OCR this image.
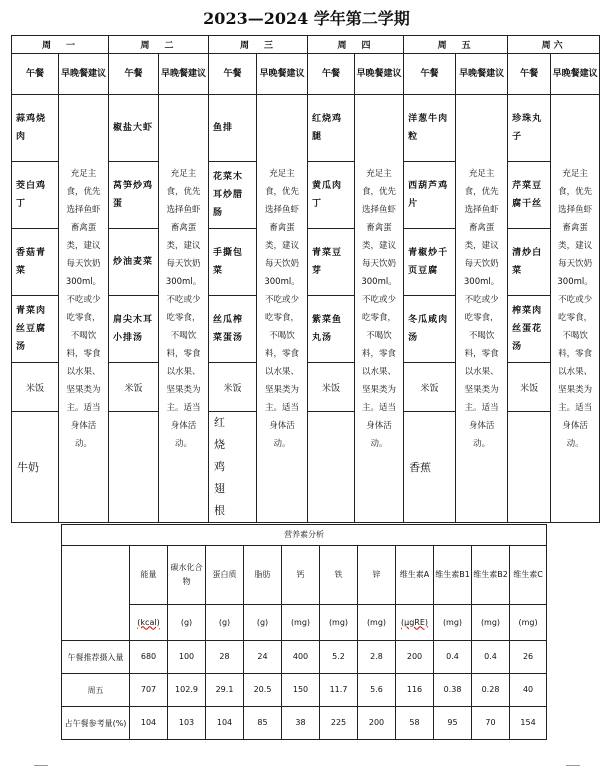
2023—2024 学年第二学期
周　一		周　二		周　三		周　四		周　五		周六	
午餐	早晚餐建议	午餐	早晚餐建议	午餐	早晚餐建议	午餐	早晚餐建议	午餐	早晚餐建议	午餐	早晚餐建议
蒜鸡烧肉	充足主食，优先选择鱼虾畜禽蛋类，建议每天饮奶300ml。不吃或少吃零食，不喝饮料，零食以水果、坚果类为主。适当身体活动。	椒盐大虾	充足主食，优先选择鱼虾畜禽蛋类，建议每天饮奶300ml。不吃或少吃零食，不喝饮料，零食以水果、坚果类为主。适当身体活动。	鱼排	充足主食，优先选择鱼虾畜禽蛋类，建议每天饮奶300ml。不吃或少吃零食，不喝饮料，零食以水果、坚果类为主。适当身体活动。	红烧鸡腿	充足主食，优先选择鱼虾畜禽蛋类，建议每天饮奶300ml。不吃或少吃零食，不喝饮料，零食以水果、坚果类为主。适当身体活动。	洋葱牛肉粒	充足主食，优先选择鱼虾畜禽蛋类，建议每天饮奶300ml。不吃或少吃零食，不喝饮料，零食以水果、坚果类为主。适当身体活动。	珍珠丸子	充足主食，优先选择鱼虾畜禽蛋类，建议每天饮奶300ml。不吃或少吃零食，不喝饮料，零食以水果、坚果类为主。适当身体活动。
茭白鸡丁		莴笋炒鸡蛋		花菜木耳炒腊肠		黄瓜肉丁		西葫芦鸡片		芹菜豆腐干丝	
香菇青菜		炒油麦菜		手撕包菜		青菜豆芽		青椒炒千页豆腐		清炒白菜	
青菜肉丝豆腐汤		肩尖木耳小排汤		丝瓜榨菜蛋汤		紫菜鱼丸汤		冬瓜咸肉汤		榨菜肉丝蛋花汤	
米饭		米饭		米饭		米饭		米饭		米饭	
牛奶				红烧鸡翅根				香蕉			
营养素分析											
	能量	碳水化合物	蛋白质	脂肪	钙	铁	锌	维生素A	维生素B1	维生素B2	维生素C
	(kcal)	(g)	(g)	(g)	(mg)	(mg)	(mg)	(μgRE)	(mg)	(mg)	(mg)
午餐推荐摄入量	680	100	28	24	400	5.2	2.8	200	0.4	0.4	26
周五	707	102.9	29.1	20.5	150	11.7	5.6	116	0.38	0.28	40
占午餐参考量(%)	104	103	104	85	38	225	200	58	95	70	154
